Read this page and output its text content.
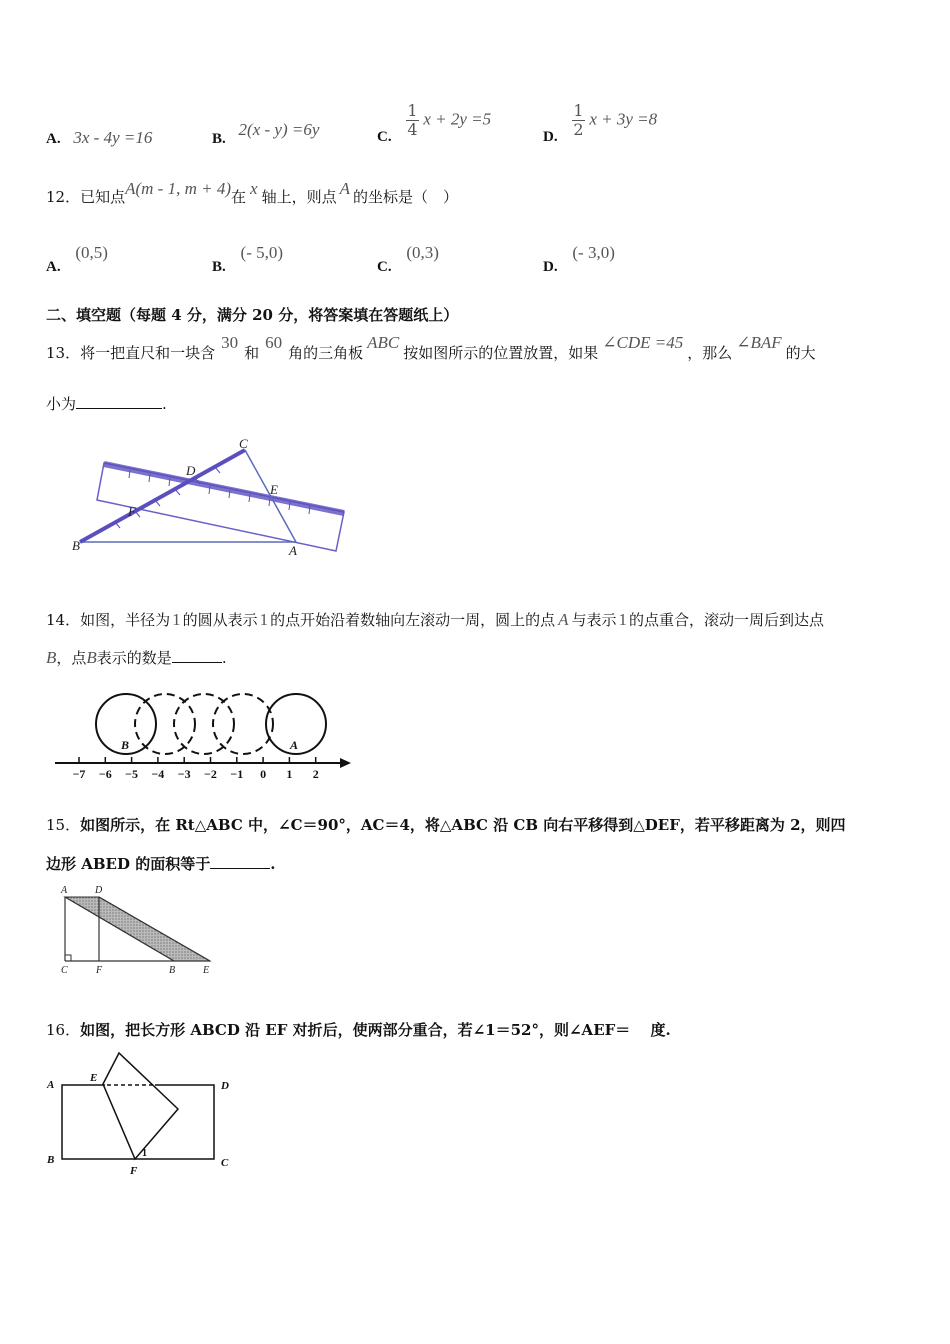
A. 3x - 4y =16	B. 2(x - y) =6y	C. $\frac{1}{4}$ x + 2y =5
D. $\frac{1}{2}$ x + 3y =8
12．已知点A(m - 1, m + 4)在 x 轴上，则点 A 的坐标是（　）
A. (0,5)
B. (- 5,0)
C. (0,3)
D. (- 3,0)
二、填空题（每题 4 分，满分 20 分，将答案填在答题纸上）
13．将一把直尺和一块含30和60角的三角板ABC按如图所示的位置放置，如果∠CDE =45，那么∠BAF的大
小为	.
C
D
E
F
B	A
14．如图，半径为 1 的圆从表示 1 的点开始沿着数轴向左滚动一周，圆上的点 A 与表示 1 的点重合，滚动一周后到达点
B，点B表示的数是	.
B	A
−7 −6 −5 −4 −3 −2 −1 0 1 2
15．如图所示，在 Rt△ABC 中，∠C＝90°，AC＝4，将△ABC 沿 CB 向右平移得到△DEF，若平移距离为 2，则四
边形 ABED 的面积等于	.
A	D
C	F	B	E
16．如图，把长方形 ABCD 沿 EF 对折后，使两部分重合，若∠1＝52°，则∠AEF＝　 度.
A
E
D
B
F
C
1
